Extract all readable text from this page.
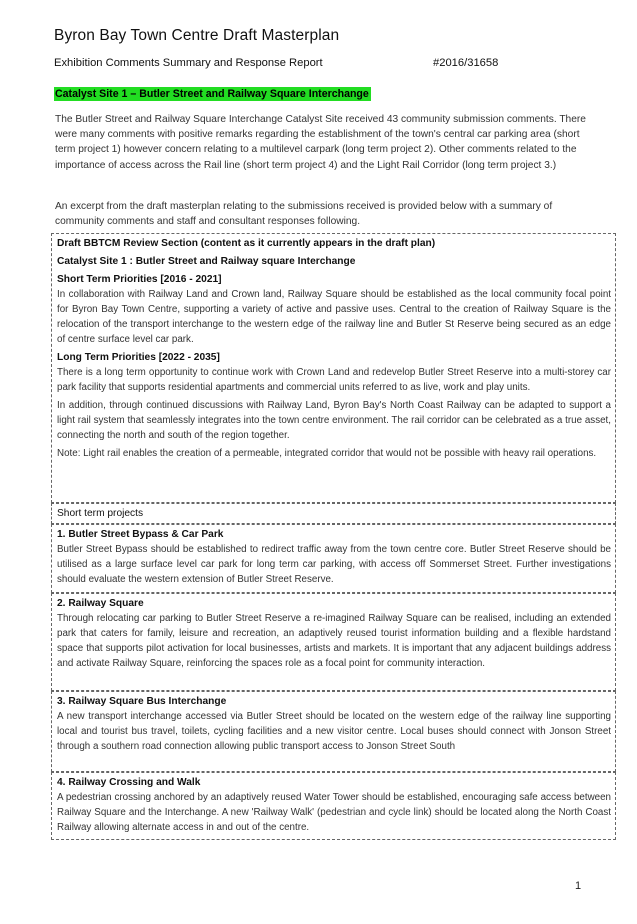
Byron Bay Town Centre Draft Masterplan
Exhibition Comments Summary and Response Report	#2016/31658
Catalyst Site 1 – Butler Street and Railway Square Interchange

The Butler Street and Railway Square Interchange Catalyst Site received 43 community submission comments. There were many comments with positive remarks regarding the establishment of the town's central car parking area (short term project 1) however concern relating to a multilevel carpark (long term project 2). Other comments related to the importance of access across the Rail line (short term project 4) and the Light Rail Corridor (long term project 3.)

An excerpt from the draft masterplan relating to the submissions received is provided below with a summary of community comments and staff and consultant responses following.

Draft BBTCM Review Section (content as it currently appears in the draft plan)
Catalyst Site 1 : Butler Street and Railway square Interchange
Short Term Priorities [2016 - 2021]

In collaboration with Railway Land and Crown land, Railway Square should be established as the local community focal point for Byron Bay Town Centre, supporting a variety of active and passive uses. Central to the creation of Railway Square is the relocation of the transport interchange to the western edge of the railway line and Butler St Reserve being secured as an edge of centre surface level car park.

Long Term Priorities [2022 - 2035]

There is a long term opportunity to continue work with Crown Land and redevelop Butler Street Reserve into a multi-storey car park facility that supports residential apartments and commercial units referred to as live, work and play units.

In addition, through continued discussions with Railway Land, Byron Bay's North Coast Railway can be adapted to support a light rail system that seamlessly integrates into the town centre environment. The rail corridor can be celebrated as a true asset, connecting the north and south of the region together.

Note: Light rail enables the creation of a permeable, integrated corridor that would not be possible with heavy rail operations.

Short term projects
1. Butler Street Bypass & Car Park

Butler Street Bypass should be established to redirect traffic away from the town centre core. Butler Street Reserve should be utilised as a large surface level car park for long term car parking, with access off Sommerset Street. Further investigations should evaluate the western extension of Butler Street Reserve.

2. Railway Square

Through relocating car parking to Butler Street Reserve a re-imagined Railway Square can be realised, including an extended park that caters for family, leisure and recreation, an adaptively reused tourist information building and a flexible hardstand space that supports pilot activation for local businesses, artists and markets. It is important that any adjacent buildings address and activate Railway Square, reinforcing the spaces role as a focal point for community interaction.

3. Railway Square Bus Interchange

A new transport interchange accessed via Butler Street should be located on the western edge of the railway line supporting local and tourist bus travel, toilets, cycling facilities and a new visitor centre. Local buses should connect with Jonson Street through a southern road connection allowing public transport access to Jonson Street South

4. Railway Crossing and Walk

A pedestrian crossing anchored by an adaptively reused Water Tower should be established, encouraging safe access between Railway Square and the Interchange. A new 'Railway Walk' (pedestrian and cycle link) should be located along the North Coast Railway allowing alternate access in and out of the centre.

1
